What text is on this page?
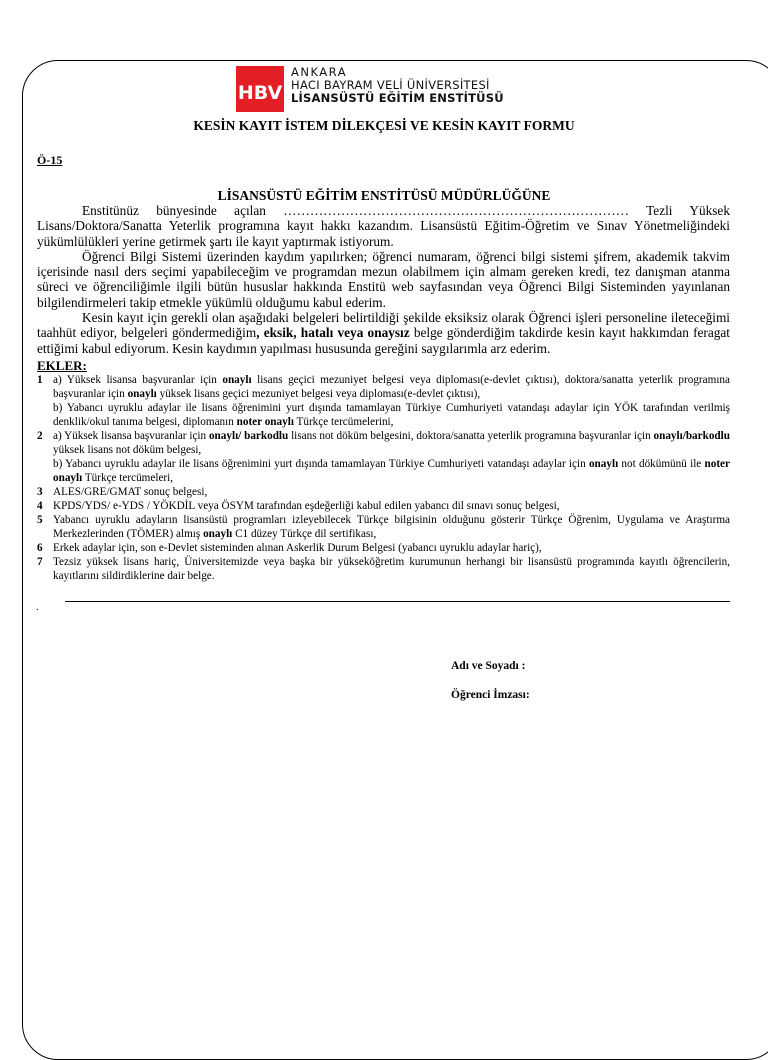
HBV
ANKARA
HACI BAYRAM VELİ ÜNİVERSİTESİ
LİSANSÜSTÜ EĞİTİM ENSTİTÜSÜ
KESİN KAYIT İSTEM DİLEKÇESİ VE KESİN KAYIT FORMU
Ö-15
LİSANSÜSTÜ EĞİTİM ENSTİTÜSÜ MÜDÜRLÜĞÜNE

Enstitünüz bünyesinde açılan …………………………………………………………………… Tezli Yüksek Lisans/Doktora/Sanatta Yeterlik programına kayıt hakkı kazandım. Lisansüstü Eğitim-Öğretim ve Sınav Yönetmeliğindeki yükümlülükleri yerine getirmek şartı ile kayıt yaptırmak istiyorum.

Öğrenci Bilgi Sistemi üzerinden kaydım yapılırken; öğrenci numaram, öğrenci bilgi sistemi şifrem, akademik takvim içerisinde nasıl ders seçimi yapabileceğim ve programdan mezun olabilmem için almam gereken kredi, tez danışman atanma süreci ve öğrenciliğimle ilgili bütün hususlar hakkında Enstitü web sayfasından veya Öğrenci Bilgi Sisteminden yayınlanan bilgilendirmeleri takip etmekle yükümlü olduğumu kabul ederim.

Kesin kayıt için gerekli olan aşağıdaki belgeleri belirtildiği şekilde eksiksiz olarak Öğrenci işleri personeline ileteceğimi taahhüt ediyor, belgeleri göndermediğim, eksik, hatalı veya onaysız belge gönderdiğim takdirde kesin kayıt hakkımdan feragat ettiğimi kabul ediyorum. Kesin kaydımın yapılması hususunda gereğini saygılarımla arz ederim.

EKLER:
1 a) Yüksek lisansa başvuranlar için onaylı lisans geçici mezuniyet belgesi veya diploması(e-devlet çıktısı), doktora/sanatta yeterlik programına başvuranlar için onaylı yüksek lisans geçici mezuniyet belgesi veya diploması(e-devlet çıktısı),
b) Yabancı uyruklu adaylar ile lisans öğrenimini yurt dışında tamamlayan Türkiye Cumhuriyeti vatandaşı adaylar için YÖK tarafından verilmiş denklik/okul tanıma belgesi, diplomanın noter onaylı Türkçe tercümelerini,
2 a) Yüksek lisansa başvuranlar için onaylı/ barkodlu lisans not döküm belgesini, doktora/sanatta yeterlik programına başvuranlar için onaylı/barkodlu yüksek lisans not döküm belgesi,
b) Yabancı uyruklu adaylar ile lisans öğrenimini yurt dışında tamamlayan Türkiye Cumhuriyeti vatandaşı adaylar için onaylı not dökümünü ile noter onaylı Türkçe tercümeleri,
3 ALES/GRE/GMAT sonuç belgesi,
4 KPDS/YDS/ e-YDS / YÖKDİL veya ÖSYM tarafından eşdeğerliği kabul edilen yabancı dil sınavı sonuç belgesi,
5 Yabancı uyruklu adayların lisansüstü programları izleyebilecek Türkçe bilgisinin olduğunu gösterir Türkçe Öğrenim, Uygulama ve Araştırma Merkezlerinden (TÖMER) almış onaylı C1 düzey Türkçe dil sertifikası,
6 Erkek adaylar için, son e-Devlet sisteminden alınan Askerlik Durum Belgesi (yabancı uyruklu adaylar hariç),
7 Tezsiz yüksek lisans hariç, Üniversitemizde veya başka bir yükseköğretim kurumunun herhangi bir lisansüstü programında kayıtlı öğrencilerin, kayıtlarını sildirdiklerine dair belge.
.
Adı ve Soyadı :
Öğrenci İmzası:
